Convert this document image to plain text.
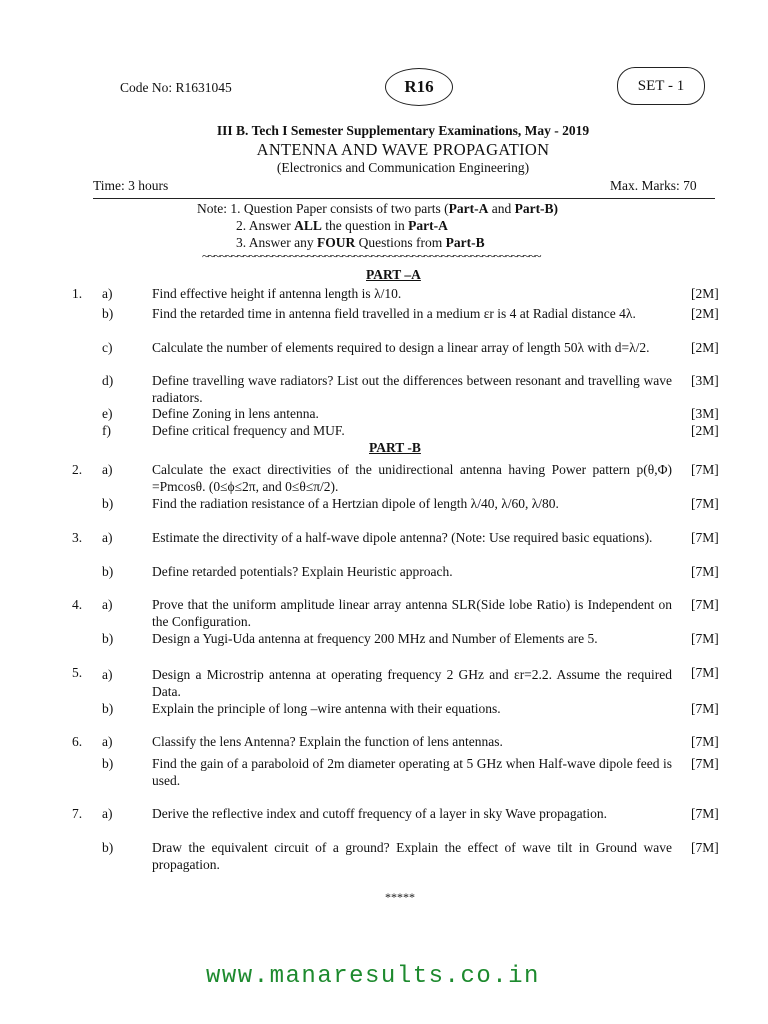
Code No: R1631045	R16	SET - 1
III B. Tech I Semester Supplementary Examinations, May - 2019
ANTENNA AND WAVE PROPAGATION
(Electronics and Communication Engineering)
Time: 3 hours	Max. Marks: 70
Note: 1. Question Paper consists of two parts (Part-A and Part-B)
2. Answer ALL the question in Part-A
3. Answer any FOUR Questions from Part-B
~~~~~~~~~~~~~~~~~~~~~~~~~~~~~~~~~~~~~~~~~~~~~~~~~~~~~~~~~~
PART –A
1. a)	Find effective height if antenna length is λ/10.	[2M]
b)	Find the retarded time in antenna field travelled in a medium εr is 4 at Radial distance 4λ.	[2M]
c)	Calculate the number of elements required to design a linear array of length 50λ with d=λ/2.	[2M]
d)	Define travelling wave radiators? List out the differences between resonant and travelling wave radiators.
[3M]
e)	Define Zoning in lens antenna.	[3M]
f)	Define critical frequency and MUF.	[2M]
PART -B
2. a)	Calculate the exact directivities of the unidirectional antenna having Power pattern p(θ,Φ) =Pmcosθ. (0≤ϕ≤2π, and 0≤θ≤π/2).
[7M]
b)	Find the radiation resistance of a Hertzian dipole of length λ/40, λ/60, λ/80.	[7M]
3. a)	Estimate the directivity of a half-wave dipole antenna? (Note: Use required basic equations).	[7M]
b)	Define retarded potentials? Explain Heuristic approach.	[7M]
4. a)	Prove that the uniform amplitude linear array antenna SLR(Side lobe Ratio) is Independent on the Configuration.
[7M]
b)	Design a Yugi-Uda antenna at frequency 200 MHz and Number of Elements are 5.	[7M]
5. a)	Design a Microstrip antenna at operating frequency 2 GHz and εr=2.2. Assume the required Data.
[7M]
b)	Explain the principle of long –wire antenna with their equations.	[7M]
6. a)	Classify the lens Antenna? Explain the function of lens antennas.	[7M]
b)	Find the gain of a paraboloid of 2m diameter operating at 5 GHz when Half-wave dipole feed is used.
[7M]
7. a)	Derive the reflective index and cutoff frequency of a layer in sky Wave propagation.	[7M]
b)	Draw the equivalent circuit of a ground? Explain the effect of wave tilt in Ground wave propagation.
[7M]
*****
www.manaresults.co.in
